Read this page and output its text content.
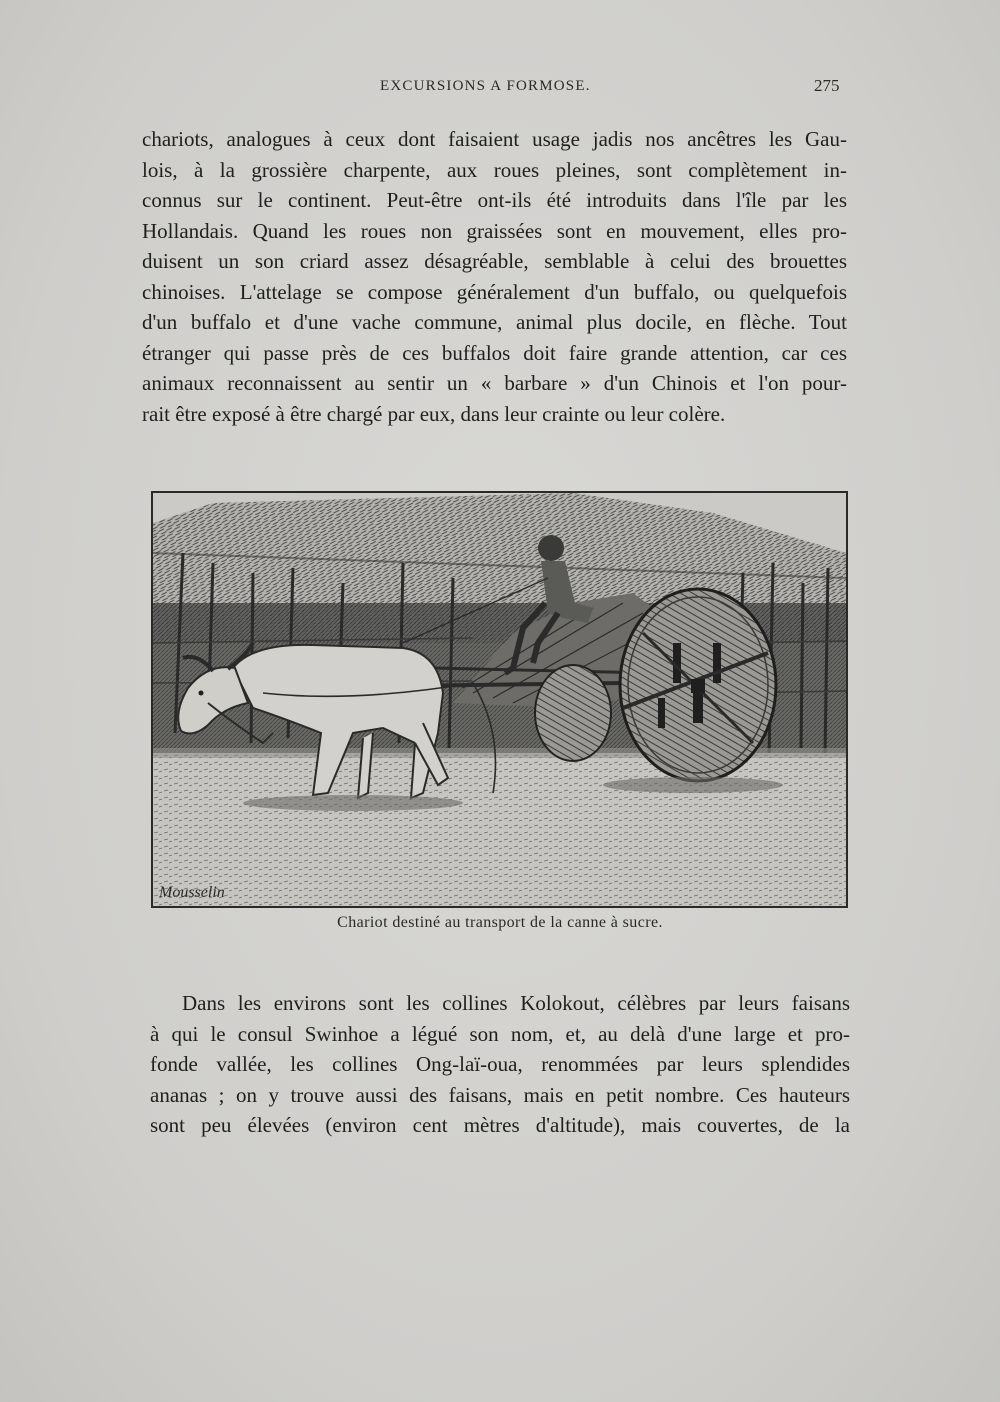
EXCURSIONS A FORMOSE.	275
chariots, analogues à ceux dont faisaient usage jadis nos ancêtres les Gau-
lois, à la grossière charpente, aux roues pleines, sont complètement in-
connus sur le continent. Peut-être ont-ils été introduits dans l'île par les
Hollandais. Quand les roues non graissées sont en mouvement, elles pro-
duisent un son criard assez désagréable, semblable à celui des brouettes
chinoises. L'attelage se compose généralement d'un buffalo, ou quelquefois
d'un buffalo et d'une vache commune, animal plus docile, en flèche. Tout
étranger qui passe près de ces buffalos doit faire grande attention, car ces
animaux reconnaissent au sentir un « barbare » d'un Chinois et l'on pour-
rait être exposé à être chargé par eux, dans leur crainte ou leur colère.
Mousselin
Chariot destiné au transport de la canne à sucre.
Dans les environs sont les collines Kolokout, célèbres par leurs faisans
à qui le consul Swinhoe a légué son nom, et, au delà d'une large et pro-
fonde vallée, les collines Ong-laï-oua, renommées par leurs splendides
ananas ; on y trouve aussi des faisans, mais en petit nombre. Ces hauteurs
sont peu élevées (environ cent mètres d'altitude), mais couvertes, de la
